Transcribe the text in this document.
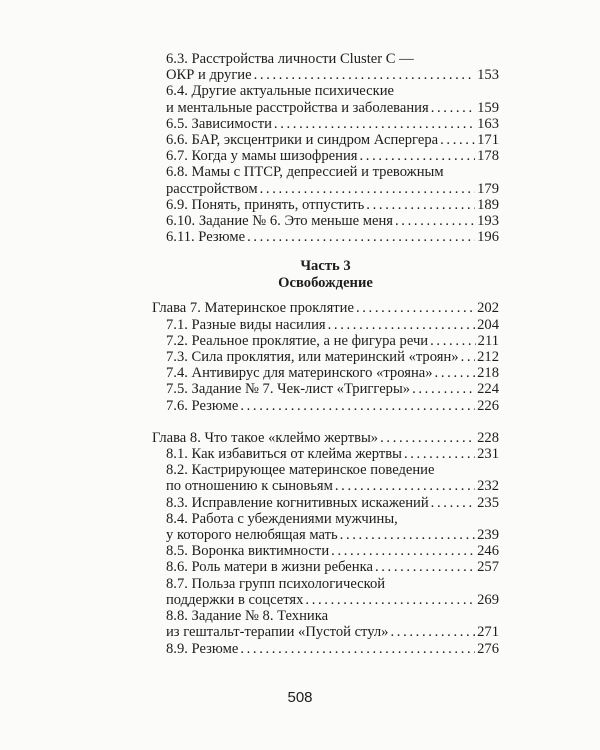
6.3. Расстройства личности Cluster C —
ОКР и другие . . .	153
6.4. Другие актуальные психические
и ментальные расстройства и заболевания . . .	159
6.5. Зависимости . . .	163
6.6. БАР, эксцентрики и синдром Аспергера . . .	171
6.7. Когда у мамы шизофрения . . .	178
6.8. Мамы с ПТСР, депрессией и тревожным
расстройством . . .	179
6.9. Понять, принять, отпустить . . .	189
6.10. Задание № 6. Это меньше меня . . .	193
6.11. Резюме . . .	196
Часть 3
Освобождение
Глава 7. Материнское проклятие . . .	202
7.1. Разные виды насилия . . .	204
7.2. Реальное проклятие, а не фигура речи . . .	211
7.3. Сила проклятия, или материнский «троян» . . . 212
7.4. Антивирус для материнского «трояна» . . .	218
7.5. Задание № 7. Чек-лист «Триггеры» . . .	224
7.6. Резюме . . .	226
Глава 8. Что такое «клеймо жертвы» . . .	228
8.1. Как избавиться от клейма жертвы . . .	231
8.2. Кастрирующее материнское поведение
по отношению к сыновьям . . .	232
8.3. Исправление когнитивных искажений . . .	235
8.4. Работа с убеждениями мужчины,
у которого нелюбящая мать . . .	239
8.5. Воронка виктимности . . .	246
8.6. Роль матери в жизни ребенка . . .	257
8.7. Польза групп психологической
поддержки в соцсетях . . .	269
8.8. Задание № 8. Техника
из гештальт-терапии «Пустой стул» . . .	271
8.9. Резюме . . .	276
508
